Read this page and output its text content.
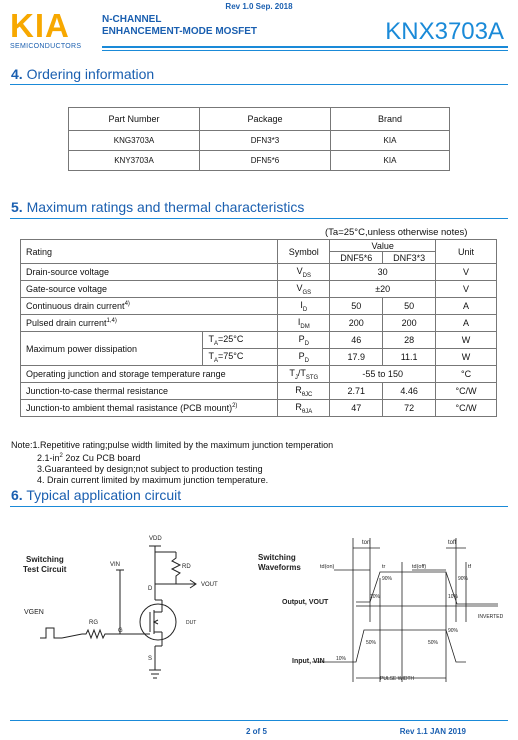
Rev 1.0 Sep. 2018
KIA
SEMICONDUCTORS
N-CHANNEL
ENHANCEMENT-MODE MOSFET	KNX3703A
4. Ordering information
Part Number	Package	Brand
KNG3703A	DFN3*3	KIA
KNY3703A	DFN5*6	KIA
5. Maximum ratings and thermal characteristics
(Ta=25°C,unless otherwise notes)
Rating		Symbol	Value		Unit
			DNF5*6	DNF3*3	
Drain-source voltage		$V_{DS}$	30		V
Gate-source voltage		$V_{GS}$	±20		V
Continuous drain current$^{4)}$		$I_D$	50	50	A
Pulsed drain current$^{1,4)}$		$I_{DM}$	200	200	A
Maximum power dissipation	$T_A=25^\circ C$	$P_D$	46	28	W
	$T_A=75^\circ C$	$P_D$	17.9	11.1	W
Operating junction and storage temperature range		$T_J/T_{STG}$	-55 to 150		°C
Junction-to-case thermal resistance		$R_{\theta JC}$	2.71	4.46	°C/W
Junction-to ambient themal rasistance (PCB mount)$^{2)}$		$R_{\theta JA}$	47	72	°C/W
Note:1.Repetitive rating;pulse width limited by the maximum junction temperation
$2.1-in^2$ 2oz Cu PCB board
3.Guaranteed by design;not subject to production testing
4. Drain current limited by maximum junction temperature.
6. Typical application circuit
Switching
Test Circuit
VDD
VIN	RD
VOUT
VGEN
RG
G
D
S
DUT
Switching
Waveforms
ton	toff
td(on)	tr	td(off)	tf
90%	90%
10%	10%
Output, VOUT
INVERTED
50%	50%
90%
10%
Input, VIN
PULSE WIDTH
2 of 5	Rev 1.1 JAN 2019
